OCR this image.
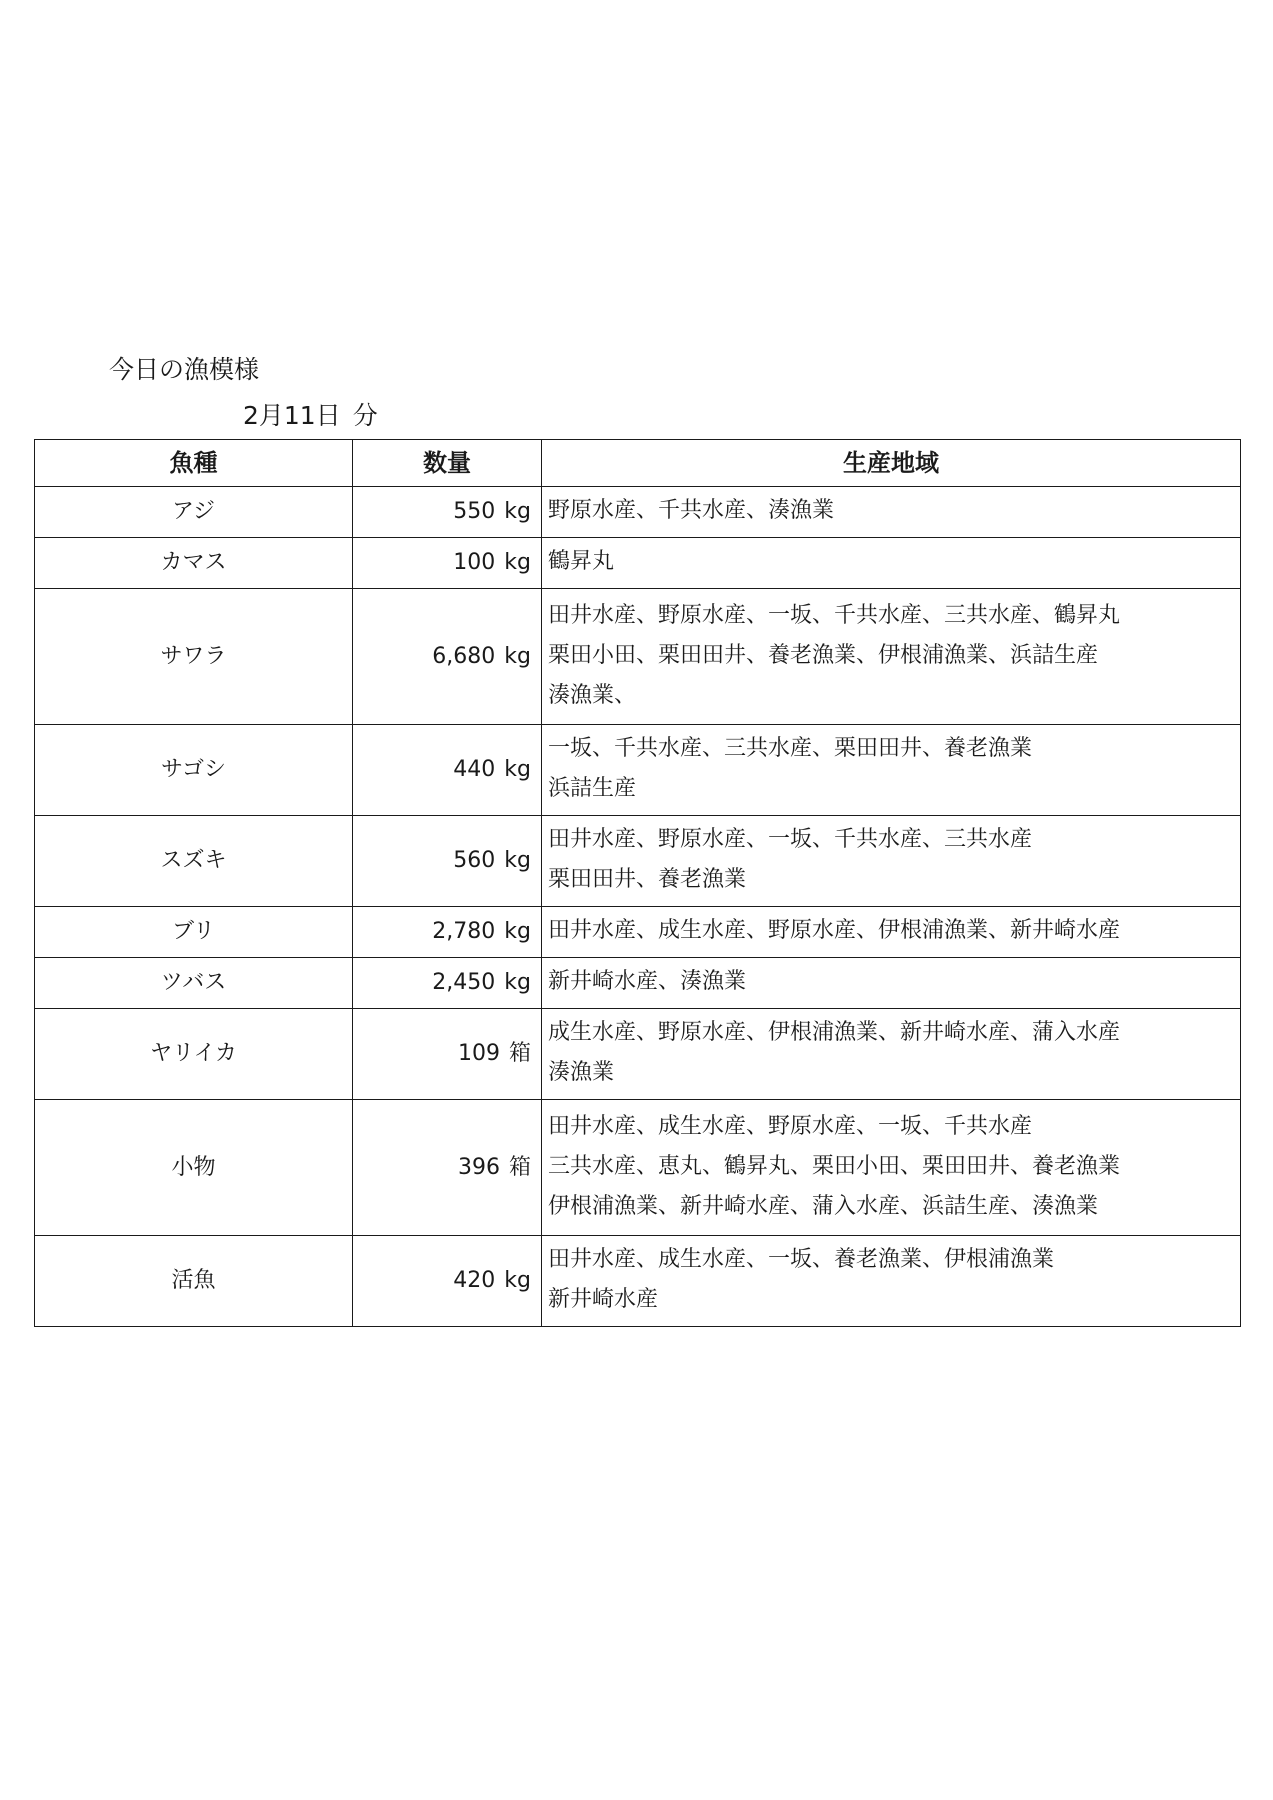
今日の漁模様
2月11日 分
魚種	数量	生産地域
アジ	550 kg	野原水産、千共水産、湊漁業

カマス	100 kg	鶴昇丸

サワラ	6,680 kg	田井水産、野原水産、一坂、千共水産、三共水産、鶴昇丸
栗田小田、栗田田井、養老漁業、伊根浦漁業、浜詰生産
湊漁業、

サゴシ	440 kg	一坂、千共水産、三共水産、栗田田井、養老漁業
浜詰生産

スズキ	560 kg	田井水産、野原水産、一坂、千共水産、三共水産
栗田田井、養老漁業

ブリ	2,780 kg	田井水産、成生水産、野原水産、伊根浦漁業、新井崎水産

ツバス	2,450 kg	新井崎水産、湊漁業

ヤリイカ	109 箱	成生水産、野原水産、伊根浦漁業、新井崎水産、蒲入水産
湊漁業

小物	396 箱	田井水産、成生水産、野原水産、一坂、千共水産
三共水産、恵丸、鶴昇丸、栗田小田、栗田田井、養老漁業
伊根浦漁業、新井崎水産、蒲入水産、浜詰生産、湊漁業

活魚	420 kg	田井水産、成生水産、一坂、養老漁業、伊根浦漁業
新井崎水産
